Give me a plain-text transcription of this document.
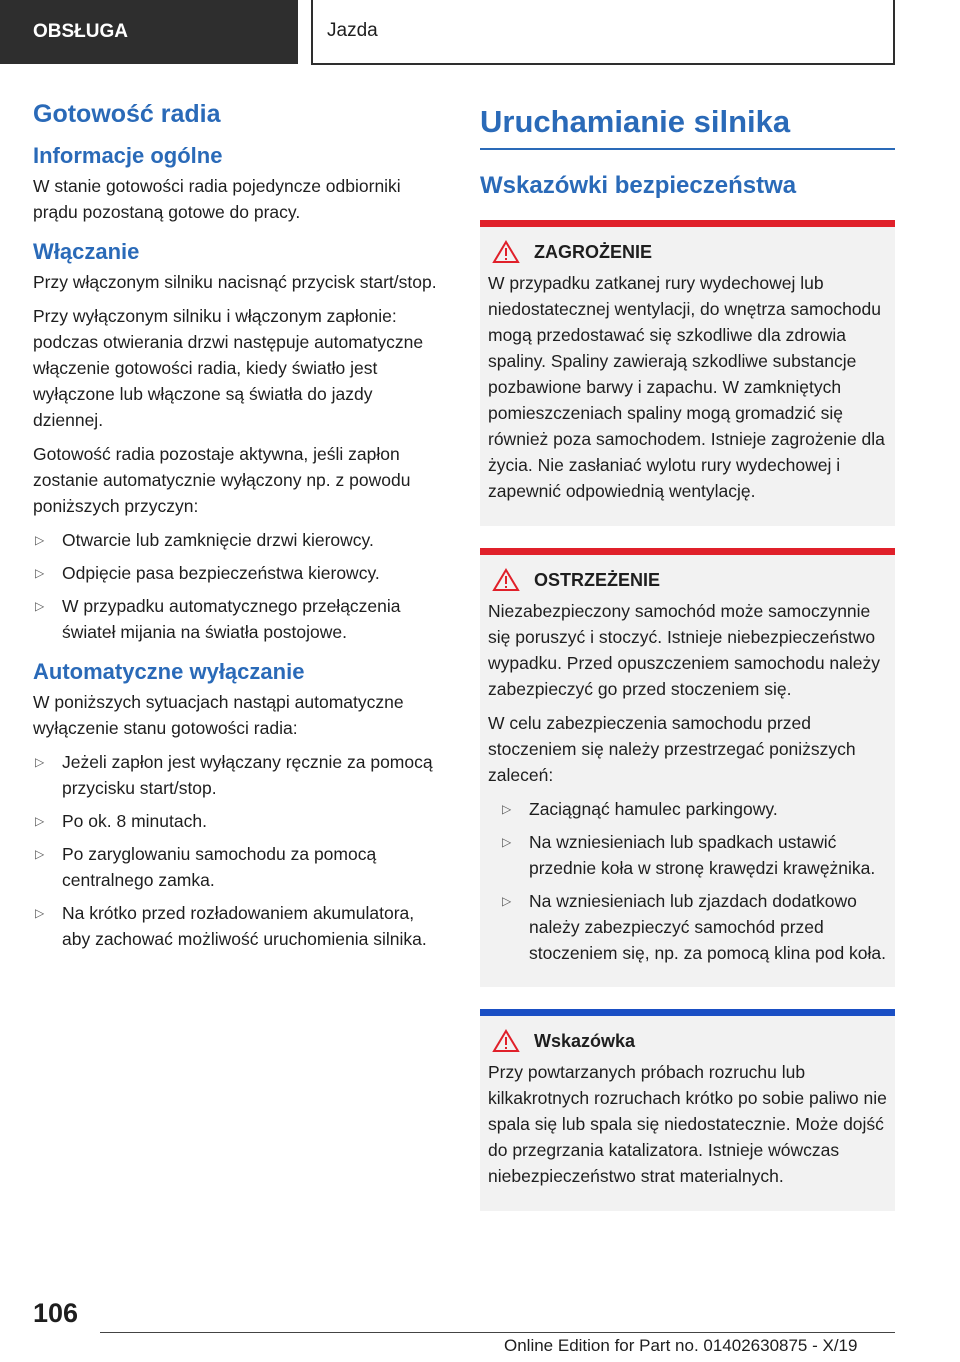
OBSŁUGA	Jazda
Gotowość radia
Informacje ogólne

W stanie gotowości radia pojedyncze odbiorniki prądu pozostaną gotowe do pracy.

Włączanie

Przy włączonym silniku nacisnąć przycisk start/stop.

Przy wyłączonym silniku i włączonym zapłonie: podczas otwierania drzwi następuje automatyczne włączenie gotowości radia, kiedy światło jest wyłączone lub włączone są światła do jazdy dziennej.

Gotowość radia pozostaje aktywna, jeśli zapłon zostanie automatycznie wyłączony np. z powodu poniższych przyczyn:

▷ Otwarcie lub zamknięcie drzwi kierowcy.
▷ Odpięcie pasa bezpieczeństwa kierowcy.
▷ W przypadku automatycznego przełączenia świateł mijania na światła postojowe.
Automatyczne wyłączanie

W poniższych sytuacjach nastąpi automatyczne wyłączenie stanu gotowości radia:

▷ Jeżeli zapłon jest wyłączany ręcznie za pomocą przycisku start/stop.
▷ Po ok. 8 minutach.
▷ Po zaryglowaniu samochodu za pomocą centralnego zamka.
▷ Na krótko przed rozładowaniem akumulatora, aby zachować możliwość uruchomienia silnika.
Uruchamianie silnika
Wskazówki bezpieczeństwa
ZAGROŻENIE

W przypadku zatkanej rury wydechowej lub niedostatecznej wentylacji, do wnętrza samochodu mogą przedostawać się szkodliwe dla zdrowia spaliny. Spaliny zawierają szkodliwe substancje pozbawione barwy i zapachu. W zamkniętych pomieszczeniach spaliny mogą gromadzić się również poza samochodem. Istnieje zagrożenie dla życia. Nie zasłaniać wylotu rury wydechowej i zapewnić odpowiednią wentylację.

OSTRZEŻENIE

Niezabezpieczony samochód może samoczynnie się poruszyć i stoczyć. Istnieje niebezpieczeństwo wypadku. Przed opuszczeniem samochodu należy zabezpieczyć go przed stoczeniem się.

W celu zabezpieczenia samochodu przed stoczeniem się należy przestrzegać poniższych zaleceń:

▷ Zaciągnąć hamulec parkingowy.
▷ Na wzniesieniach lub spadkach ustawić przednie koła w stronę krawędzi krawężnika.
▷ Na wzniesieniach lub zjazdach dodatkowo należy zabezpieczyć samochód przed stoczeniem się, np. za pomocą klina pod koła.
Wskazówka

Przy powtarzanych próbach rozruchu lub kilkakrotnych rozruchach krótko po sobie paliwo nie spala się lub spala się niedostatecznie. Może dojść do przegrzania katalizatora. Istnieje wówczas niebezpieczeństwo strat materialnych.

106
Online Edition for Part no. 01402630875 - X/19
